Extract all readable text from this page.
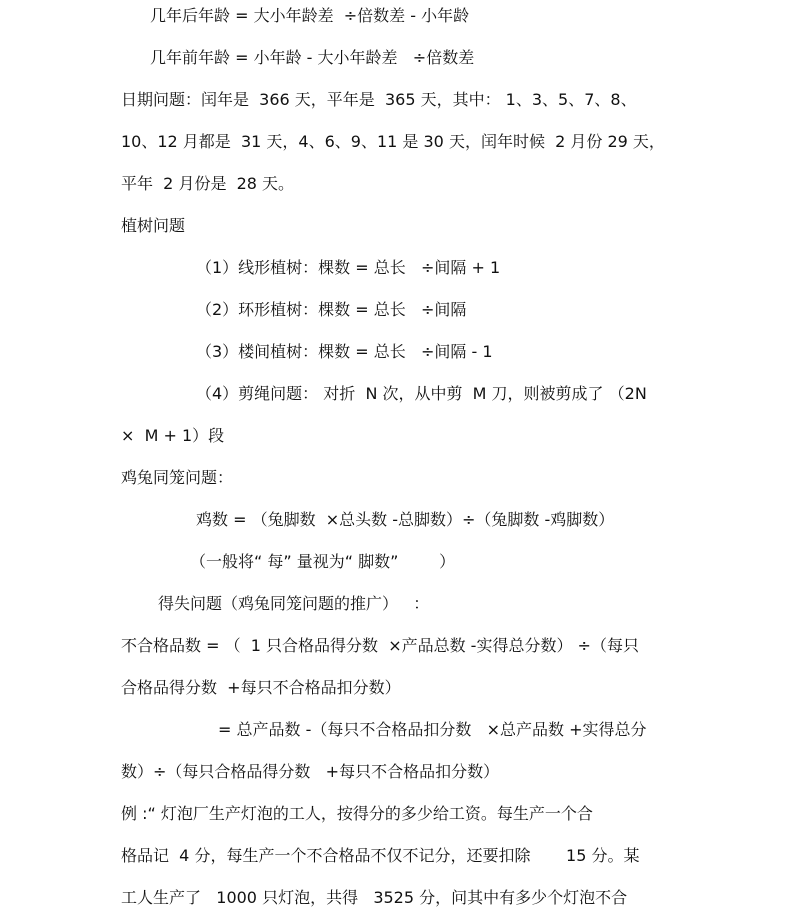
几年后年龄 = 大小年龄差  ÷倍数差 - 小年龄
几年前年龄 = 小年龄 - 大小年龄差   ÷倍数差
日期问题：闰年是  366 天，平年是  365 天，其中： 1、3、5、7、8、
10、12 月都是  31 天，4、6、9、11 是 30 天，闰年时候  2 月份 29 天，
平年  2 月份是  28 天。
植树问题
（1）线形植树：棵数 = 总长   ÷间隔 + 1
（2）环形植树：棵数 = 总长   ÷间隔
（3）楼间植树：棵数 = 总长   ÷间隔 - 1
（4）剪绳问题： 对折  N 次，从中剪  M 刀，则被剪成了 （2N
×  M + 1）段
鸡兔同笼问题：
鸡数 = （兔脚数  ×总头数 -总脚数）÷（兔脚数 -鸡脚数）
（一般将“ 每” 量视为“ 脚数”        ）
得失问题（鸡兔同笼问题的推广）   ：
不合格品数 = （  1 只合格品得分数  ×产品总数 -实得总分数） ÷（每只
合格品得分数  +每只不合格品扣分数）
= 总产品数 -（每只不合格品扣分数   ×总产品数 +实得总分
数）÷（每只合格品得分数   +每只不合格品扣分数）
例 :“ 灯泡厂生产灯泡的工人，按得分的多少给工资。每生产一个合
格品记  4 分，每生产一个不合格品不仅不记分，还要扣除       15 分。某
工人生产了   1000 只灯泡，共得   3525 分，问其中有多少个灯泡不合
